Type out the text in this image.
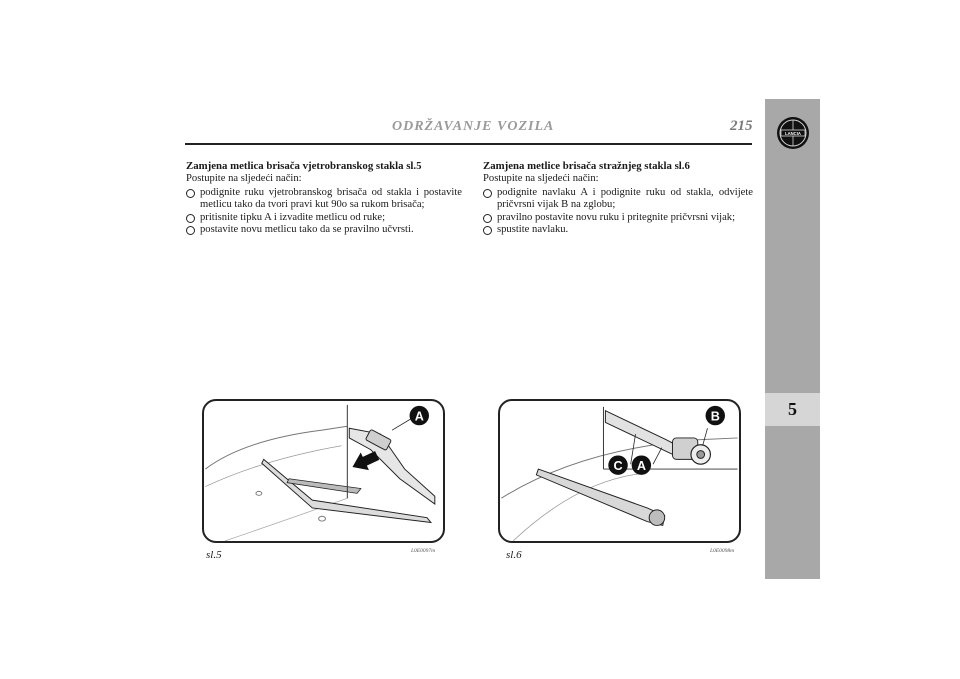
ODRŽAVANJE VOZILA	215
5
LANCIA
Zamjena metlica brisača vjetrobranskog stakla sl.5
Postupite na sljedeći način:
podignite ruku vjetrobranskog brisača od stakla i postavite metlicu tako da tvori pravi kut 90o sa rukom brisača;
pritisnite tipku A i izvadite metlicu od ruke;
postavite novu metlicu tako da se pravilno učvrsti.
Zamjena metlice brisača stražnjeg stakla sl.6
Postupite na sljedeći način:
podignite navlaku A i podignite ruku od stakla, odvijete pričvrsni vijak B na zglobu;
pravilno postavite novu ruku i pritegnite pričvrsni vijak;
spustite navlaku.
A
sl.5	L0E0097m
B
C A
sl.6	L0E0098m
